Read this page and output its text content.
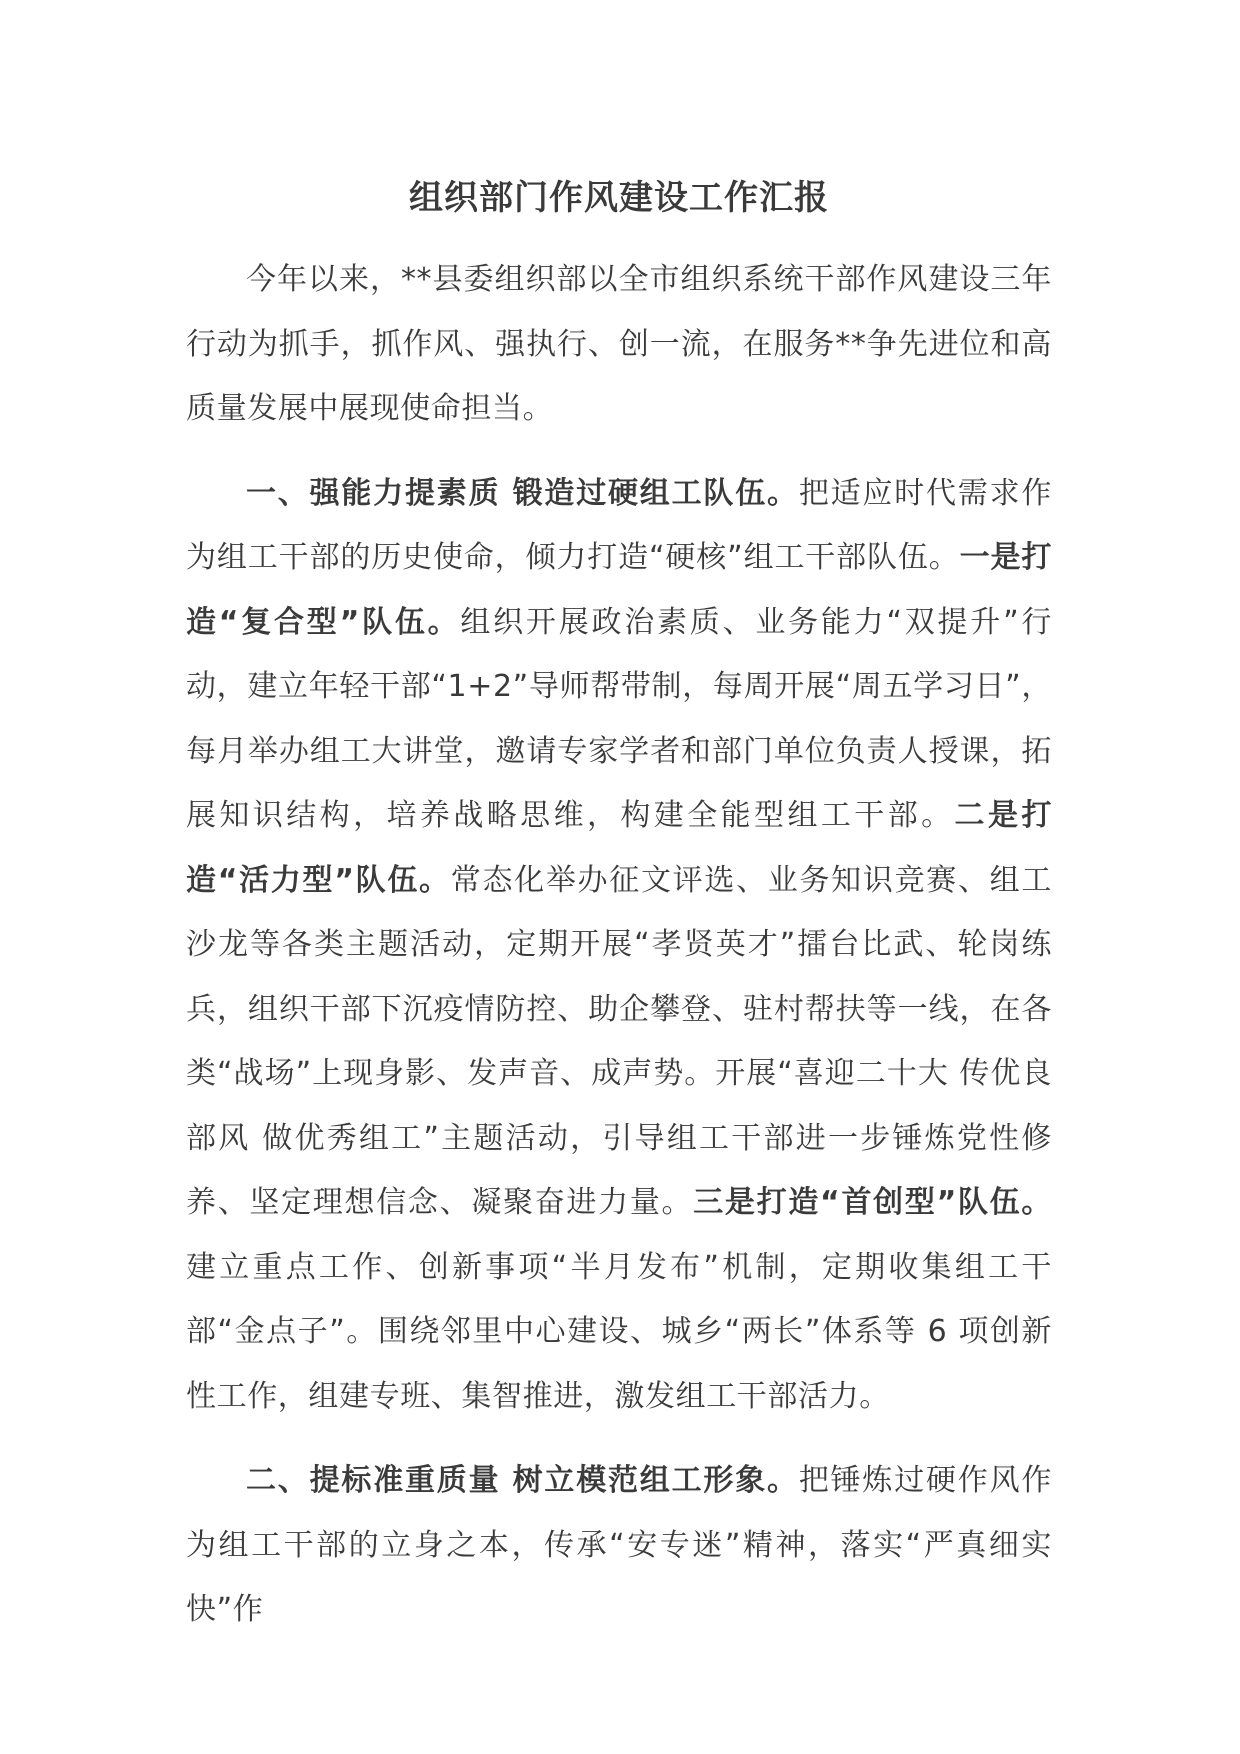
组织部门作风建设工作汇报

今年以来，**县委组织部以全市组织系统干部作风建设三年行动为抓手，抓作风、强执行、创一流，在服务**争先进位和高质量发展中展现使命担当。

一、强能力提素质 锻造过硬组工队伍。把适应时代需求作为组工干部的历史使命，倾力打造“硬核”组工干部队伍。一是打造“复合型”队伍。组织开展政治素质、业务能力“双提升”行动，建立年轻干部“1+2”导师帮带制，每周开展“周五学习日”，每月举办组工大讲堂，邀请专家学者和部门单位负责人授课，拓展知识结构，培养战略思维，构建全能型组工干部。二是打造“活力型”队伍。常态化举办征文评选、业务知识竞赛、组工沙龙等各类主题活动，定期开展“孝贤英才”擂台比武、轮岗练兵，组织干部下沉疫情防控、助企攀登、驻村帮扶等一线，在各类“战场”上现身影、发声音、成声势。开展“喜迎二十大 传优良部风 做优秀组工”主题活动，引导组工干部进一步锤炼党性修养、坚定理想信念、凝聚奋进力量。三是打造“首创型”队伍。建立重点工作、创新事项“半月发布”机制，定期收集组工干部“金点子”。围绕邻里中心建设、城乡“两长”体系等 6 项创新性工作，组建专班、集智推进，激发组工干部活力。

二、提标准重质量 树立模范组工形象。把锤炼过硬作风作为组工干部的立身之本，传承“安专迷”精神，落实“严真细实快”作
